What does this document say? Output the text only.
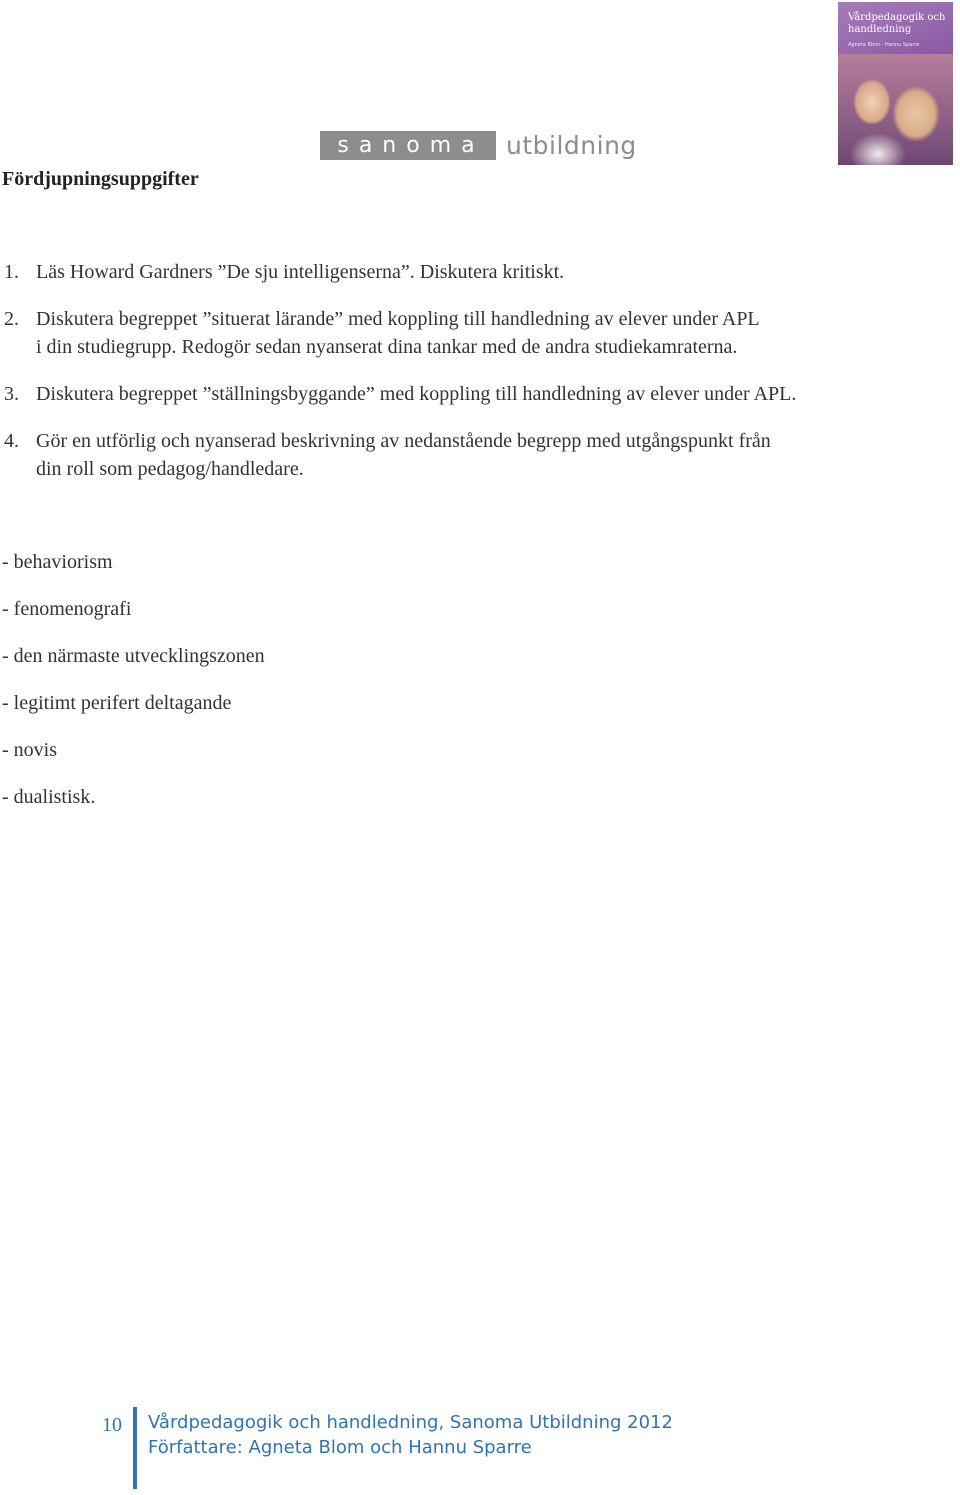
sanoma utbildning
Vårdpedagogik och handledning
Agneta Blom · Hannu Sparre
Fördjupningsuppgifter
1. Läs Howard Gardners ”De sju intelligenserna”. Diskutera kritiskt.
2. Diskutera begreppet ”situerat lärande” med koppling till handledning av elever under APL
i din studiegrupp. Redogör sedan nyanserat dina tankar med de andra studiekamraterna.
3. Diskutera begreppet ”ställningsbyggande” med koppling till handledning av elever under APL.
4. Gör en utförlig och nyanserad beskrivning av nedanstående begrepp med utgångspunkt från
din roll som pedagog/handledare.
- behaviorism
- fenomenografi
- den närmaste utvecklingszonen
- legitimt perifert deltagande
- novis
- dualistisk.
10 Vårdpedagogik och handledning, Sanoma Utbildning 2012
Författare: Agneta Blom och Hannu Sparre
